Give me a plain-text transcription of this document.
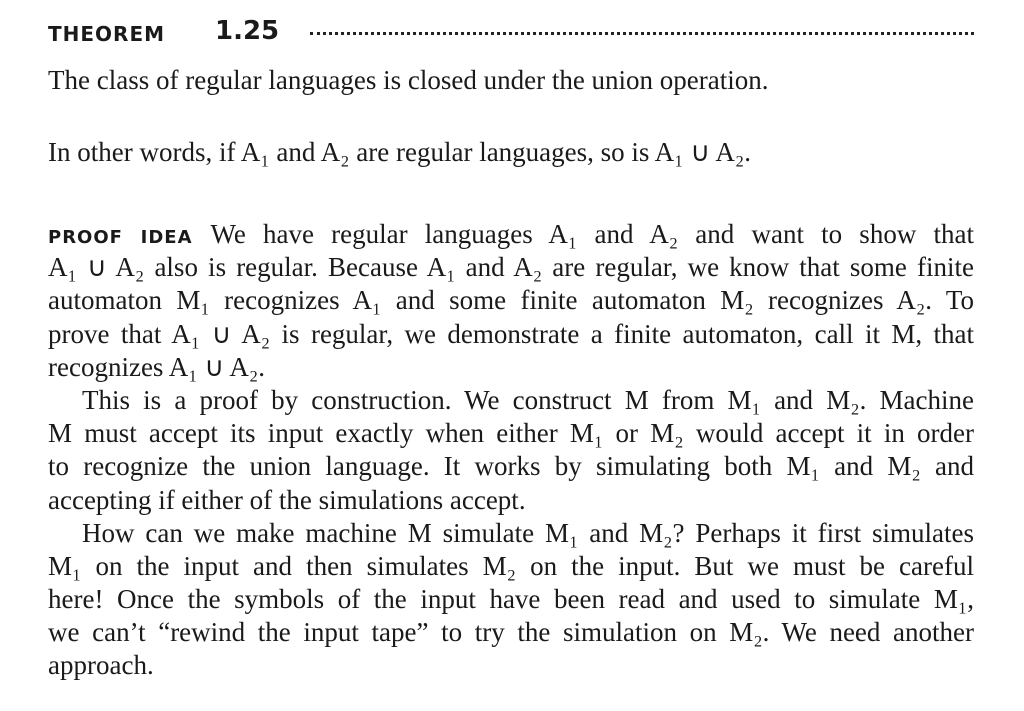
THEOREM 1.25
The class of regular languages is closed under the union operation.
In other words, if A₁ and A₂ are regular languages, so is A₁ ∪ A₂.
PROOF IDEA We have regular languages A₁ and A₂ and want to show that
A₁ ∪ A₂ also is regular. Because A₁ and A₂ are regular, we know that some finite
automaton M₁ recognizes A₁ and some finite automaton M₂ recognizes A₂. To
prove that A₁ ∪ A₂ is regular, we demonstrate a finite automaton, call it M, that
recognizes A₁ ∪ A₂.
This is a proof by construction. We construct M from M₁ and M₂. Machine
M must accept its input exactly when either M₁ or M₂ would accept it in order
to recognize the union language. It works by simulating both M₁ and M₂ and
accepting if either of the simulations accept.
How can we make machine M simulate M₁ and M₂? Perhaps it first simulates
M₁ on the input and then simulates M₂ on the input. But we must be careful
here! Once the symbols of the input have been read and used to simulate M₁,
we can’t “rewind the input tape” to try the simulation on M₂. We need another
approach.
